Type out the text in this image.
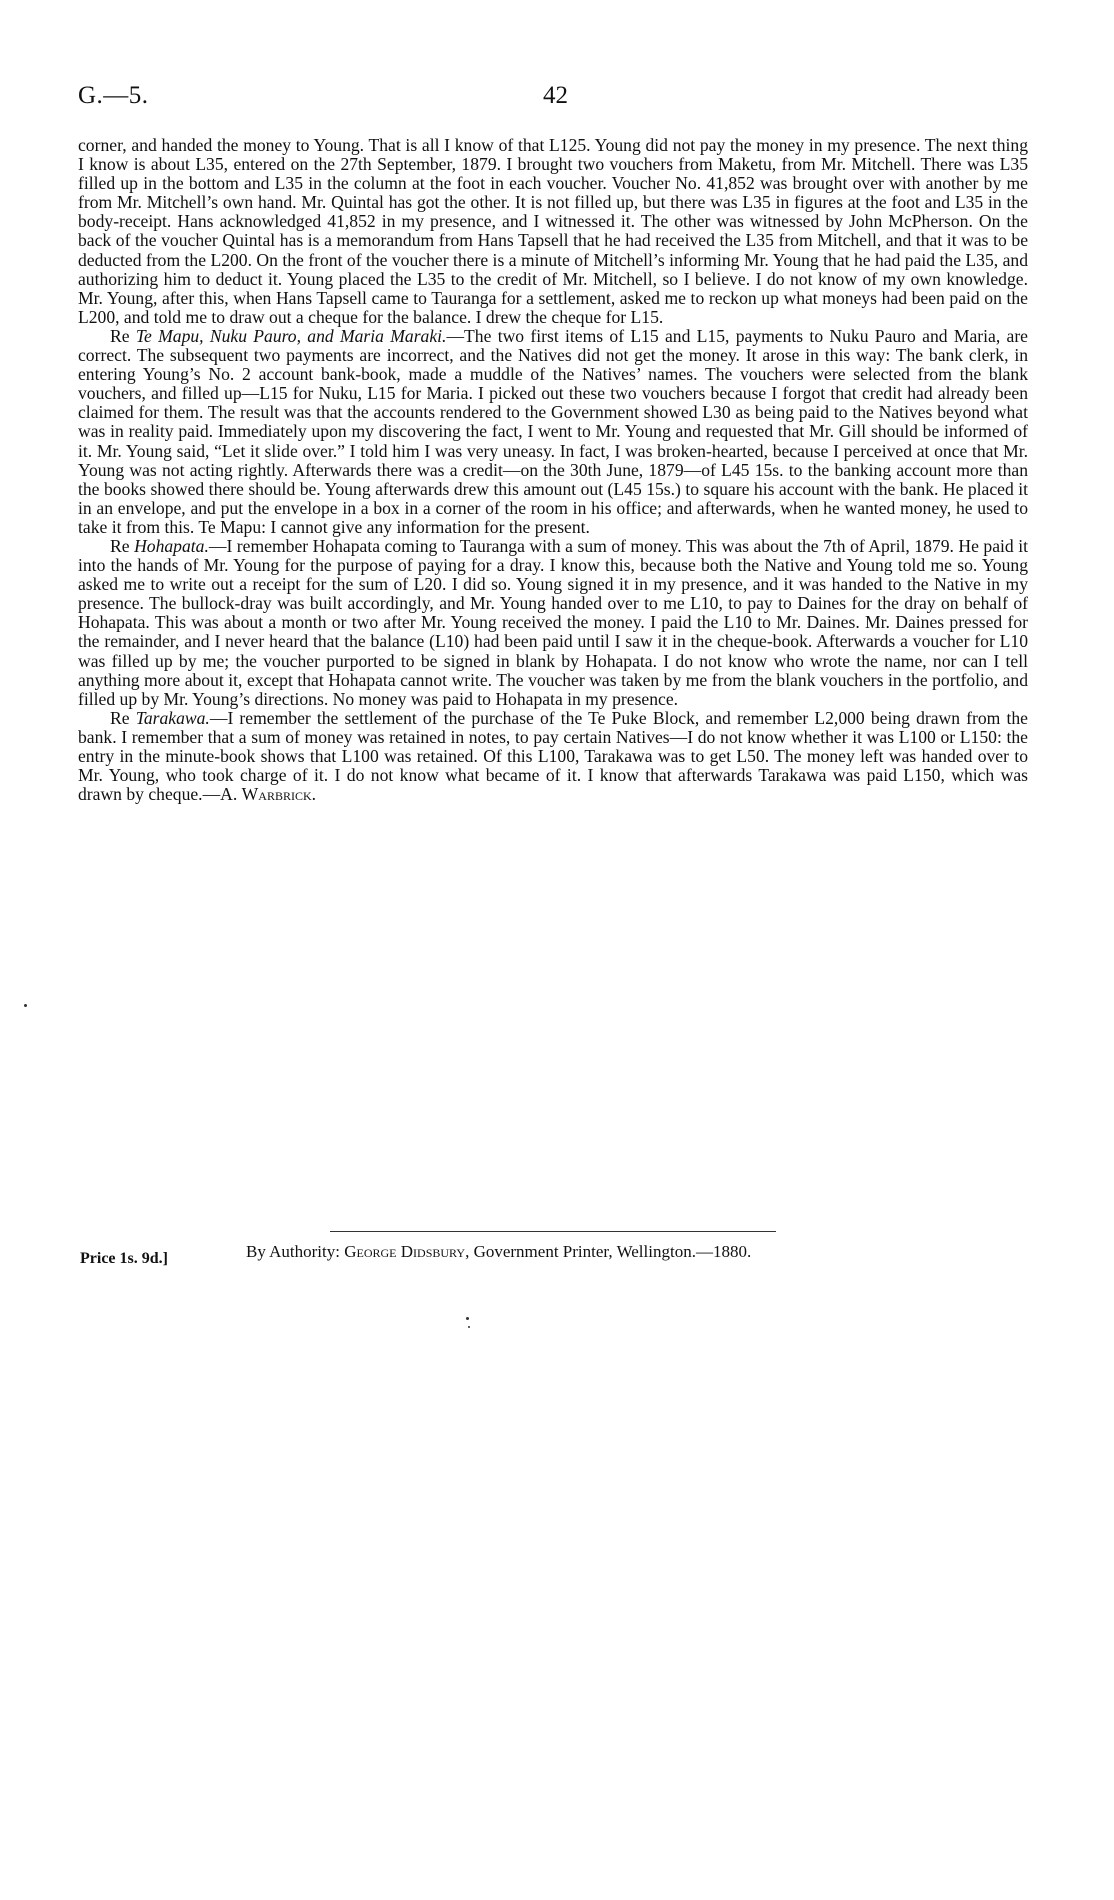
G.—5.	42

corner, and handed the money to Young. That is all I know of that L125. Young did not pay the money in my presence. The next thing I know is about L35, entered on the 27th September, 1879. I brought two vouchers from Maketu, from Mr. Mitchell. There was L35 filled up in the bottom and L35 in the column at the foot in each voucher. Voucher No. 41,852 was brought over with another by me from Mr. Mitchell’s own hand. Mr. Quintal has got the other. It is not filled up, but there was L35 in figures at the foot and L35 in the body-receipt. Hans acknowledged 41,852 in my presence, and I witnessed it. The other was witnessed by John McPherson. On the back of the voucher Quintal has is a memorandum from Hans Tapsell that he had received the L35 from Mitchell, and that it was to be deducted from the L200. On the front of the voucher there is a minute of Mitchell’s informing Mr. Young that he had paid the L35, and authorizing him to deduct it. Young placed the L35 to the credit of Mr. Mitchell, so I believe. I do not know of my own knowledge. Mr. Young, after this, when Hans Tapsell came to Tauranga for a settlement, asked me to reckon up what moneys had been paid on the L200, and told me to draw out a cheque for the balance. I drew the cheque for L15.

Re Te Mapu, Nuku Pauro, and Maria Maraki.—The two first items of L15 and L15, payments to Nuku Pauro and Maria, are correct. The subsequent two payments are incorrect, and the Natives did not get the money. It arose in this way: The bank clerk, in entering Young’s No. 2 account bank-book, made a muddle of the Natives’ names. The vouchers were selected from the blank vouchers, and filled up—L15 for Nuku, L15 for Maria. I picked out these two vouchers because I forgot that credit had already been claimed for them. The result was that the accounts rendered to the Government showed L30 as being paid to the Natives beyond what was in reality paid. Immediately upon my discovering the fact, I went to Mr. Young and requested that Mr. Gill should be informed of it. Mr. Young said, “Let it slide over.” I told him I was very uneasy. In fact, I was broken-hearted, because I perceived at once that Mr. Young was not acting rightly. Afterwards there was a credit—on the 30th June, 1879—of L45 15s. to the banking account more than the books showed there should be. Young afterwards drew this amount out (L45 15s.) to square his account with the bank. He placed it in an envelope, and put the envelope in a box in a corner of the room in his office; and afterwards, when he wanted money, he used to take it from this. Te Mapu: I cannot give any information for the present.

Re Hohapata.—I remember Hohapata coming to Tauranga with a sum of money. This was about the 7th of April, 1879. He paid it into the hands of Mr. Young for the purpose of paying for a dray. I know this, because both the Native and Young told me so. Young asked me to write out a receipt for the sum of L20. I did so. Young signed it in my presence, and it was handed to the Native in my presence. The bullock-dray was built accordingly, and Mr. Young handed over to me L10, to pay to Daines for the dray on behalf of Hohapata. This was about a month or two after Mr. Young received the money. I paid the L10 to Mr. Daines. Mr. Daines pressed for the remainder, and I never heard that the balance (L10) had been paid until I saw it in the cheque-book. Afterwards a voucher for L10 was filled up by me; the voucher purported to be signed in blank by Hohapata. I do not know who wrote the name, nor can I tell anything more about it, except that Hohapata cannot write. The voucher was taken by me from the blank vouchers in the portfolio, and filled up by Mr. Young’s directions. No money was paid to Hohapata in my presence.

Re Tarakawa.—I remember the settlement of the purchase of the Te Puke Block, and remember L2,000 being drawn from the bank. I remember that a sum of money was retained in notes, to pay certain Natives—I do not know whether it was L100 or L150: the entry in the minute-book shows that L100 was retained. Of this L100, Tarakawa was to get L50. The money left was handed over to Mr. Young, who took charge of it. I do not know what became of it. I know that afterwards Tarakawa was paid L150, which was drawn by cheque.—A. Warbrick.

By Authority: George Didsbury, Government Printer, Wellington.—1880.
Price 1s. 9d.]
